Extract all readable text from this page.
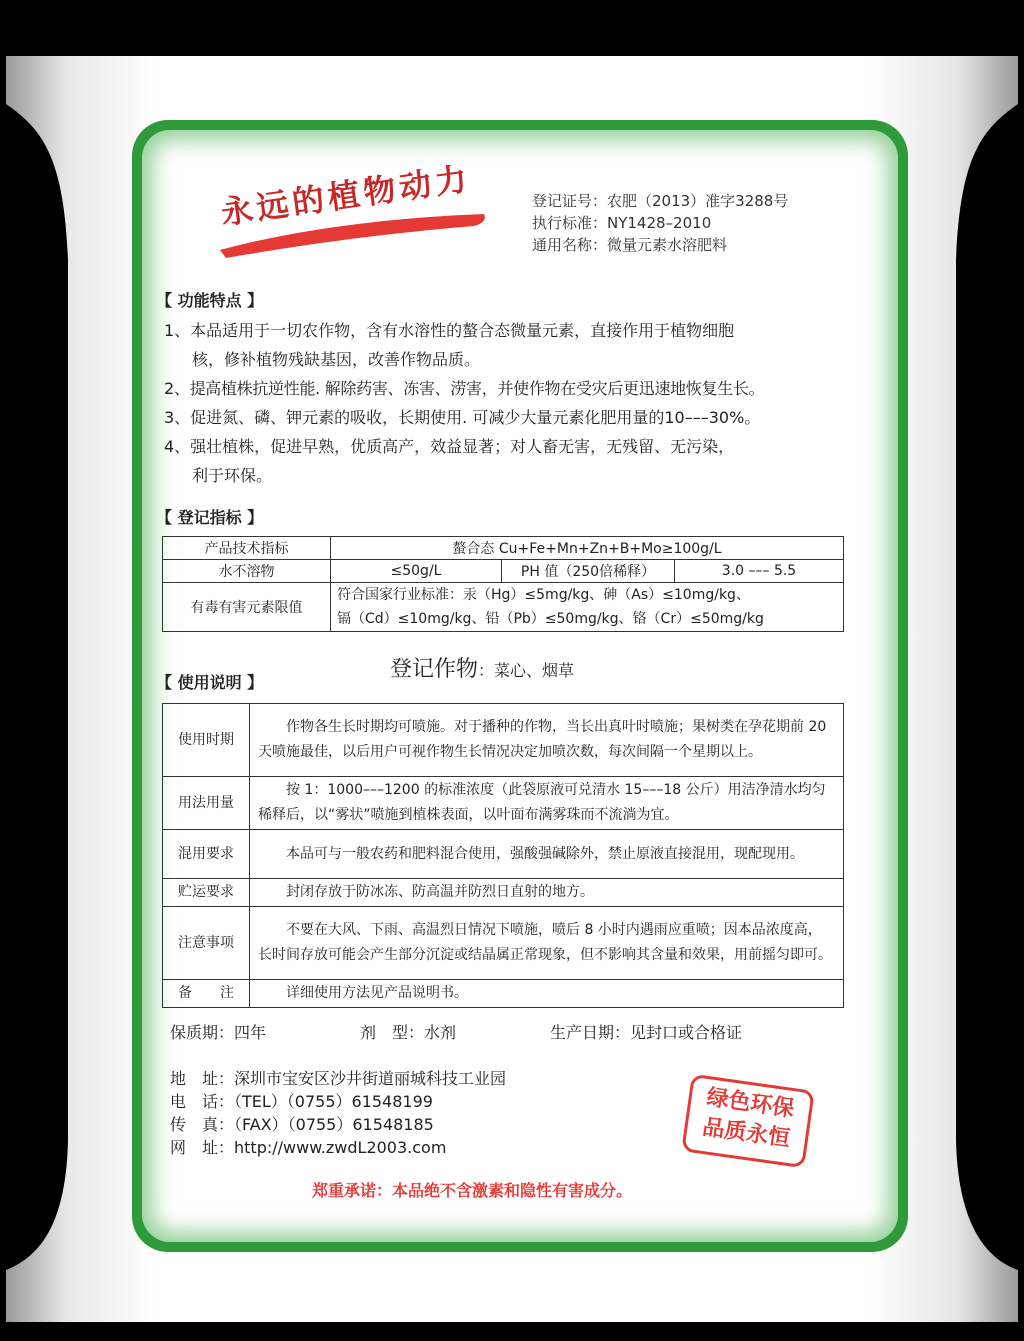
永远的植物动力	登记证号：农肥（2013）准字3288号
执行标准：NY1428–2010
通用名称：微量元素水溶肥料
【 功能特点 】
1、本品适用于一切农作物，含有水溶性的螯合态微量元素，直接作用于植物细胞
核，修补植物残缺基因，改善作物品质。
2、提高植株抗逆性能. 解除药害、冻害、涝害，并使作物在受灾后更迅速地恢复生长。
3、促进氮、磷、钾元素的吸收，长期使用. 可减少大量元素化肥用量的10–––30%。
4、强壮植株，促进早熟，优质高产，效益显著；对人畜无害，无残留、无污染，
利于环保。
【 登记指标 】
产品技术指标	螯合态 Cu+Fe+Mn+Zn+B+Mo≥100g/L		
水不溶物	≤50g/L	PH 值（250倍稀释）	3.0 ––– 5.5
有毒有害元素限值	符合国家行业标准：汞（Hg）≤5mg/kg、砷（As）≤10mg/kg、
镉（Cd）≤10mg/kg、铅（Pb）≤50mg/kg、铬（Cr）≤50mg/kg		
登记作物：菜心、烟草
【 使用说明 】
使用时期	　　作物各生长时期均可喷施。对于播种的作物，当长出真叶时喷施；果树类在孕花期前 20 天喷施最佳，以后用户可视作物生长情况决定加喷次数，每次间隔一个星期以上。
用法用量	　　按 1：1000–––1200 的标准浓度（此袋原液可兑清水 15–––18 公斤）用洁净清水均匀稀释后，以“雾状”喷施到植株表面，以叶面布满雾珠而不流淌为宜。
混用要求	　　本品可与一般农药和肥料混合使用，强酸强碱除外，禁止原液直接混用，现配现用。
贮运要求	　　封闭存放于防冰冻、防高温并防烈日直射的地方。
注意事项	　　不要在大风、下雨、高温烈日情况下喷施，喷后 8 小时内遇雨应重喷；因本品浓度高，长时间存放可能会产生部分沉淀或结晶属正常现象，但不影响其含量和效果，用前摇匀即可。
备　　注	　　详细使用方法见产品说明书。
保质期：四年	剂　型：水剂	生产日期：见封口或合格证
地　址：深圳市宝安区沙井街道丽城科技工业园
电　话：（TEL）（0755）61548199
传　真：（FAX）（0755）61548185
网　址：http://www.zwdL2003.com
绿色环保
品质永恒
郑重承诺：本品绝不含激素和隐性有害成分。
